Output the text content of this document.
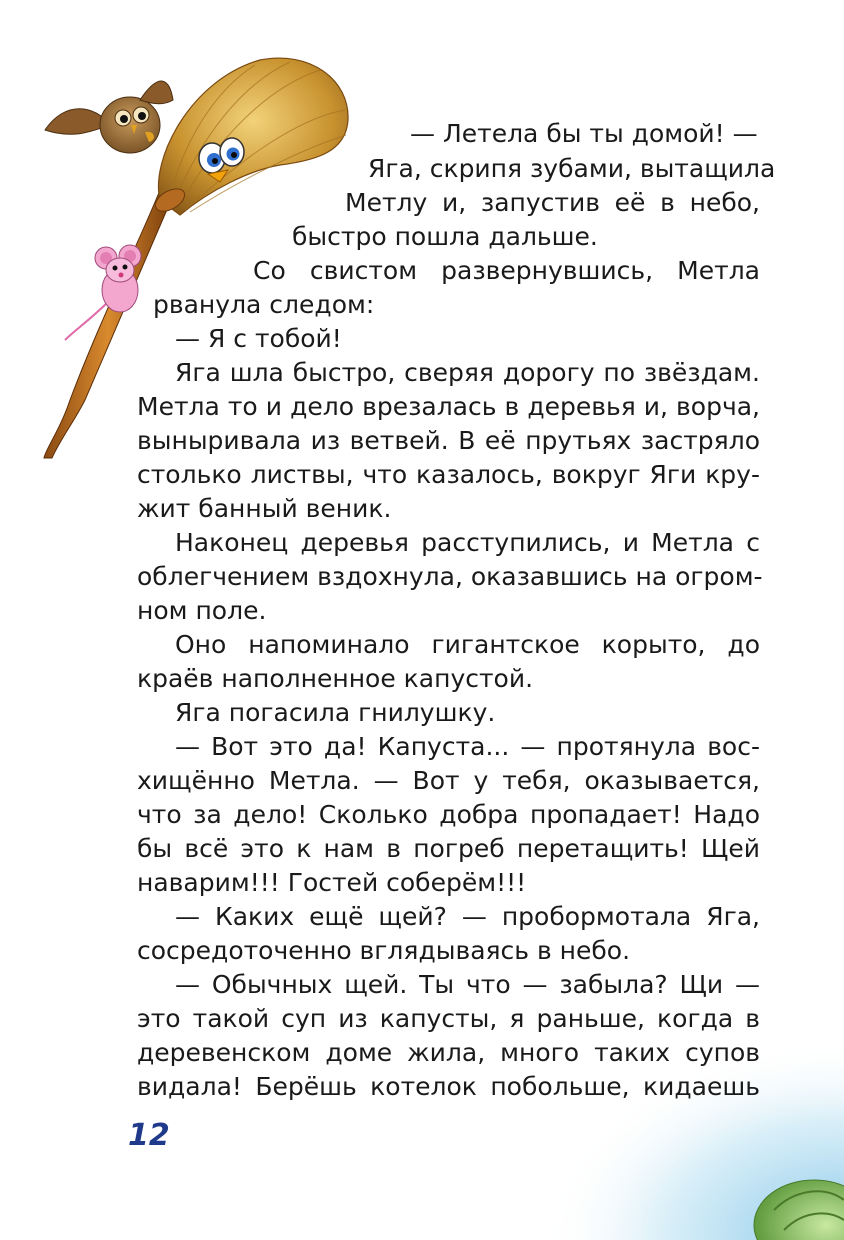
— Летела бы ты домой! —
Яга, скрипя зубами, вытащила
Метлу и, запустив её в небо,
быстро пошла дальше.
Со свистом развернувшись, Метла
рванула следом:
— Я с тобой!
Яга шла быстро, сверяя дорогу по звёздам.
Метла то и дело врезалась в деревья и, ворча,
выныривала из ветвей. В её прутьях застряло
столько листвы, что казалось, вокруг Яги кру-
жит банный веник.
Наконец деревья расступились, и Метла с
облегчением вздохнула, оказавшись на огром-
ном поле.
Оно напоминало гигантское корыто, до
краёв наполненное капустой.
Яга погасила гнилушку.
— Вот это да! Капуста... — протянула вос-
хищённо Метла. — Вот у тебя, оказывается,
что за дело! Сколько добра пропадает! Надо
бы всё это к нам в погреб перетащить! Щей
наварим!!! Гостей соберём!!!
— Каких ещё щей? — пробормотала Яга,
сосредоточенно вглядываясь в небо.
— Обычных щей. Ты что — забыла? Щи —
это такой суп из капусты, я раньше, когда в
деревенском доме жила, много таких супов
видала! Берёшь котелок побольше, кидаешь
12
